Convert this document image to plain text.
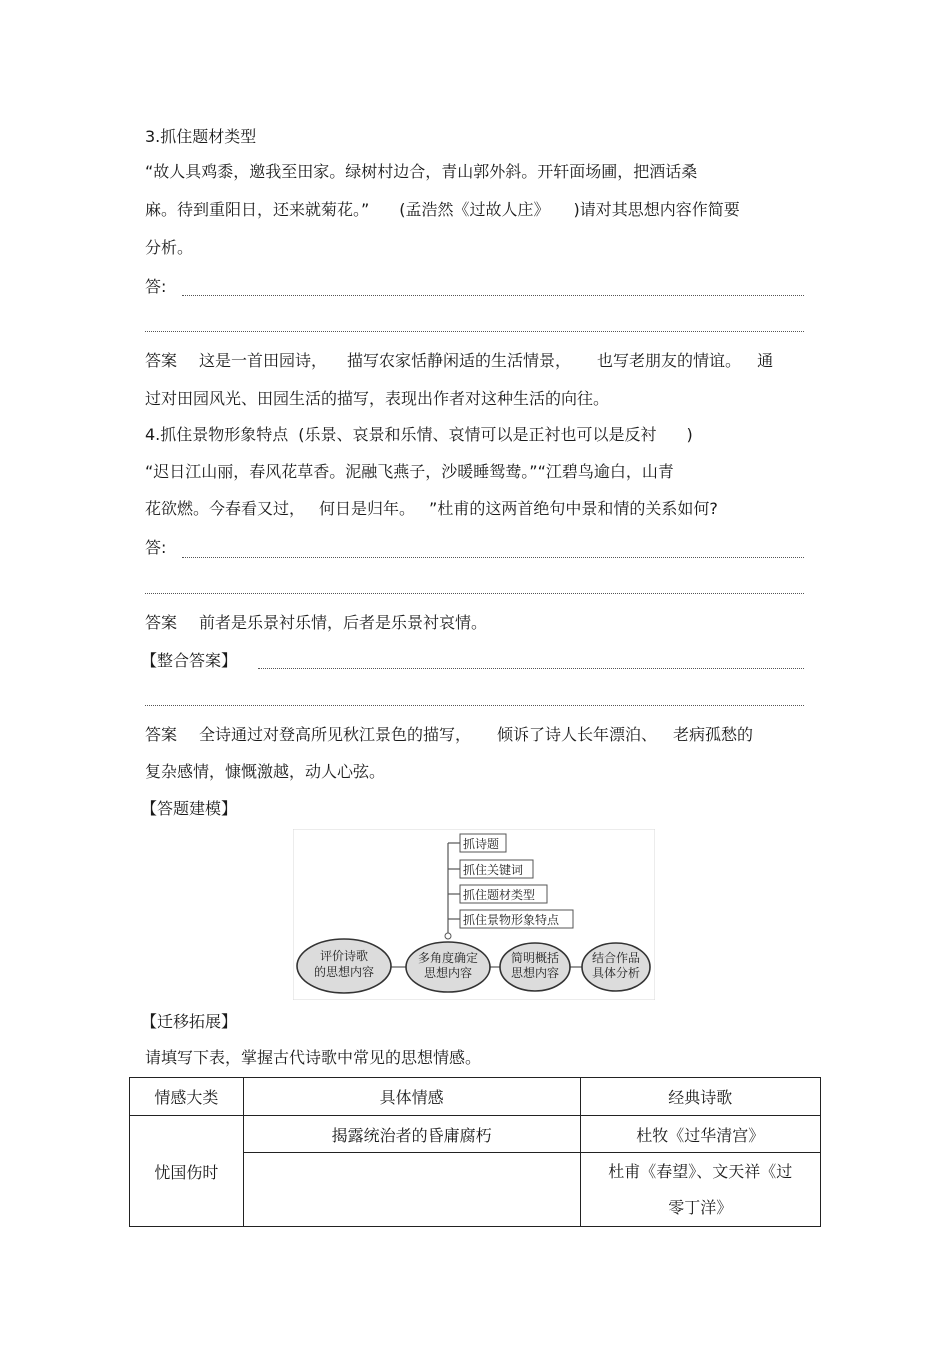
3.抓住题材类型
“故人具鸡黍，邀我至田家。绿树村边合，青山郭外斜。开轩面场圃，把酒话桑
麻。待到重阳日，还来就菊花。” (孟浩然《过故人庄》 )请对其思想内容作简要
分析。
答:
答案 这是一首田园诗， 描写农家恬静闲适的生活情景， 也写老朋友的情谊。 通
过对田园风光、田园生活的描写，表现出作者对这种生活的向往。
4.抓住景物形象特点 (乐景、哀景和乐情、哀情可以是正衬也可以是反衬 )
“迟日江山丽，春风花草香。泥融飞燕子，沙暖睡鸳鸯。”“江碧鸟逾白，山青
花欲燃。今春看又过， 何日是归年。 ”杜甫的这两首绝句中景和情的关系如何?
答:
答案 前者是乐景衬乐情，后者是乐景衬哀情。
【整合答案】
答案 全诗通过对登高所见秋江景色的描写， 倾诉了诗人长年漂泊、 老病孤愁的
复杂感情，慷慨激越，动人心弦。
【答题建模】
抓诗题
抓住关键词
抓住题材类型
抓住景物形象特点
评价诗歌
的思想内容
多角度确定
思想内容
简明概括
思想内容
结合作品
具体分析
【迁移拓展】
请填写下表，掌握古代诗歌中常见的思想情感。
情感大类	具体情感	经典诗歌
忧国伤时	揭露统治者的昏庸腐朽	杜牧《过华清宫》

		杜甫《春望》、文天祥《过
零丁洋》
